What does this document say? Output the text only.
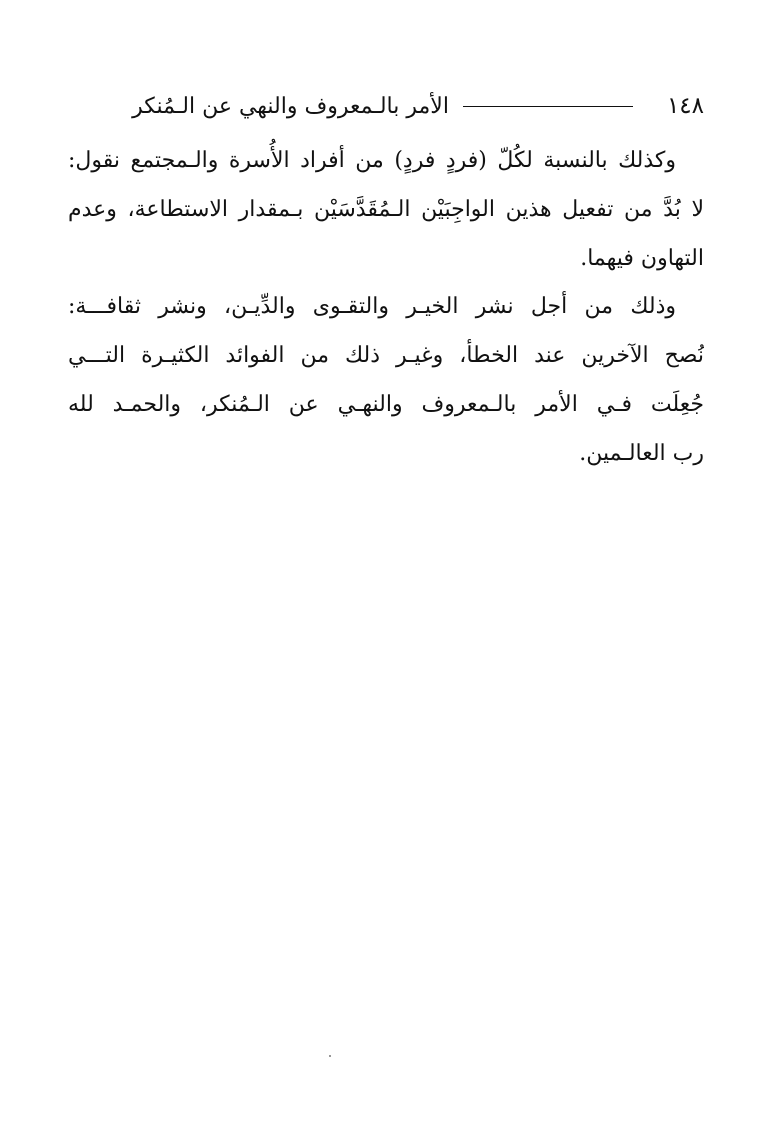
١٤٨
الأمر بالـمعروف والنهي عن الـمُنكر
وكذلك بالنسبة لكُلّ (فردٍ فردٍ) من أفراد الأُسرة والـمجتمع نقول:
لا بُدَّ من تفعيل هذين الواجِبَيْن الـمُقَدَّسَيْن بـمقدار الاستطاعة، وعدم
التهاون فيهما.
وذلك من أجل نشر الخيـر والتقـوى والدِّيـن، ونشر ثقافـــة:
نُصح الآخرين عند الخطأ، وغيـر ذلك من الفوائد الكثيـرة التـــي
جُعِلَت فـي الأمر بالـمعروف والنهـي عن الـمُنكر، والحمـد لله
رب العالـمين.
